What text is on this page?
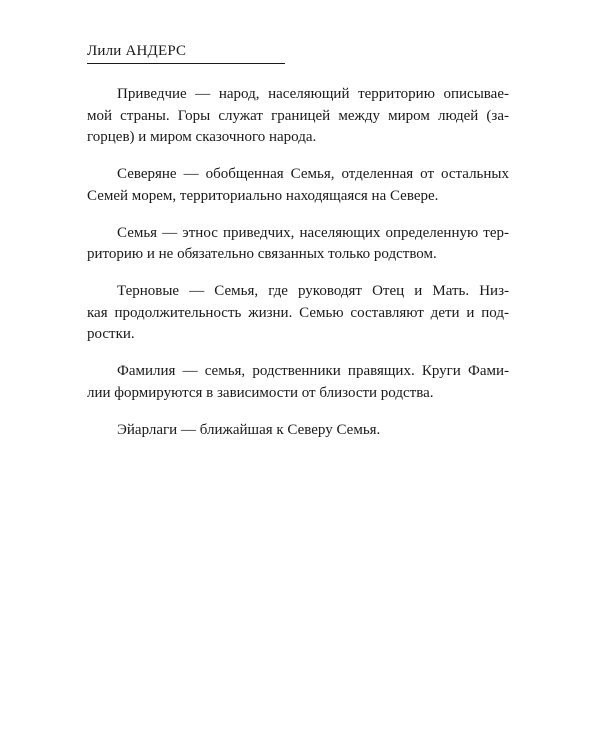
Лили АНДЕРС

Приведчие — народ, населяющий территорию описывае-
мой страны. Горы служат границей между миром людей (за-
горцев) и миром сказочного народа.

Северяне — обобщенная Семья, отделенная от остальных
Семей морем, территориально находящаяся на Севере.

Семья — этнос приведчих, населяющих определенную тер-
риторию и не обязательно связанных только родством.

Терновые — Семья, где руководят Отец и Мать. Низ-
кая продолжительность жизни. Семью составляют дети и под-
ростки.

Фамилия — семья, родственники правящих. Круги Фами-
лии формируются в зависимости от близости родства.

Эйарлаги — ближайшая к Северу Семья.
